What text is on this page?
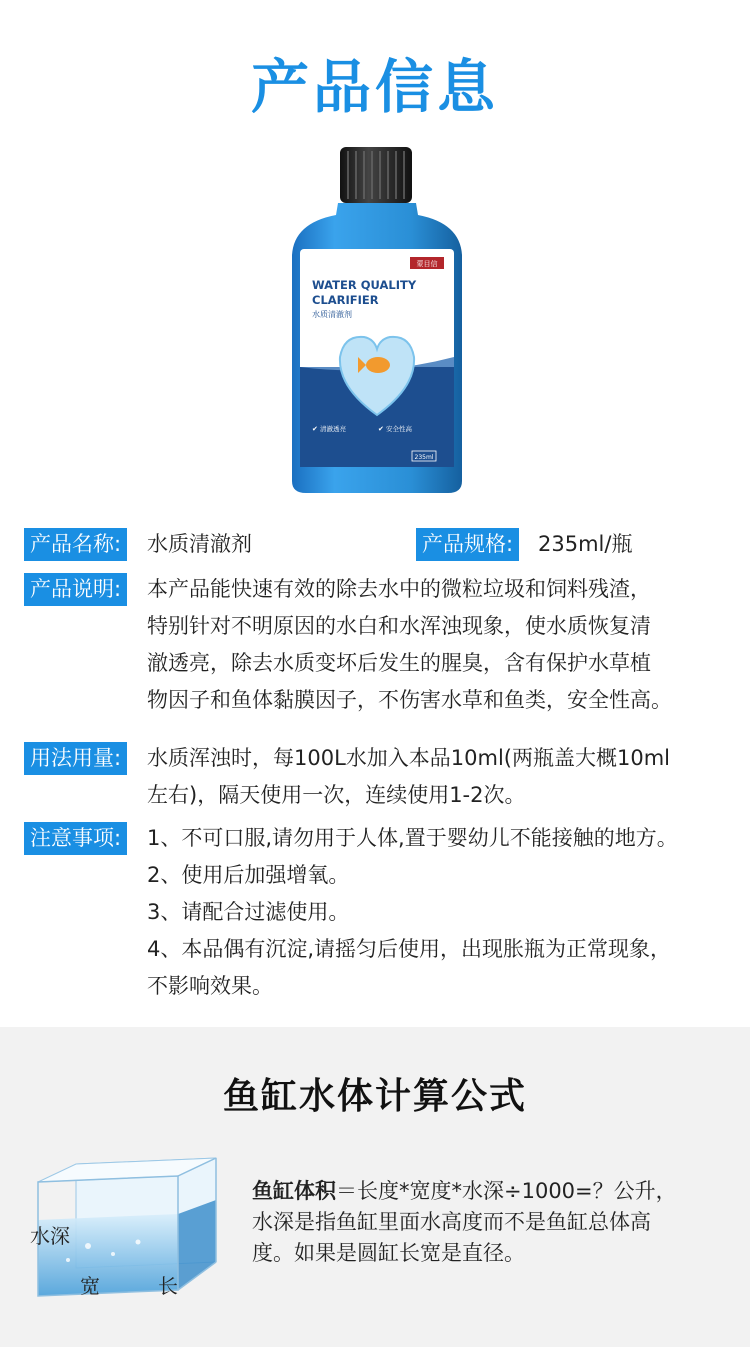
产品信息
蒙目信
WATER QUALITY
CLARIFIER
水质清澈剂
清澈透亮	安全性高
✔	✔
235ml
产品名称: 水质清澈剂	产品规格: 235ml/瓶
产品说明: 本产品能快速有效的除去水中的微粒垃圾和饲料残渣，

特别针对不明原因的水白和水浑浊现象，使水质恢复清

澈透亮，除去水质变坏后发生的腥臭，含有保护水草植

物因子和鱼体黏膜因子，不伤害水草和鱼类，安全性高。

用法用量: 水质浑浊时，每100L水加入本品10ml(两瓶盖大概10ml

左右)，隔天使用一次，连续使用1-2次。

注意事项: 1、不可口服,请勿用于人体,置于婴幼儿不能接触的地方。

2、使用后加强增氧。

3、请配合过滤使用。

4、本品偶有沉淀,请摇匀后使用，出现胀瓶为正常现象，

不影响效果。

鱼缸水体计算公式
水深
宽	长
鱼缸体积＝长度*宽度*水深÷1000=？公升，
水深是指鱼缸里面水高度而不是鱼缸总体高
度。如果是圆缸长宽是直径。
